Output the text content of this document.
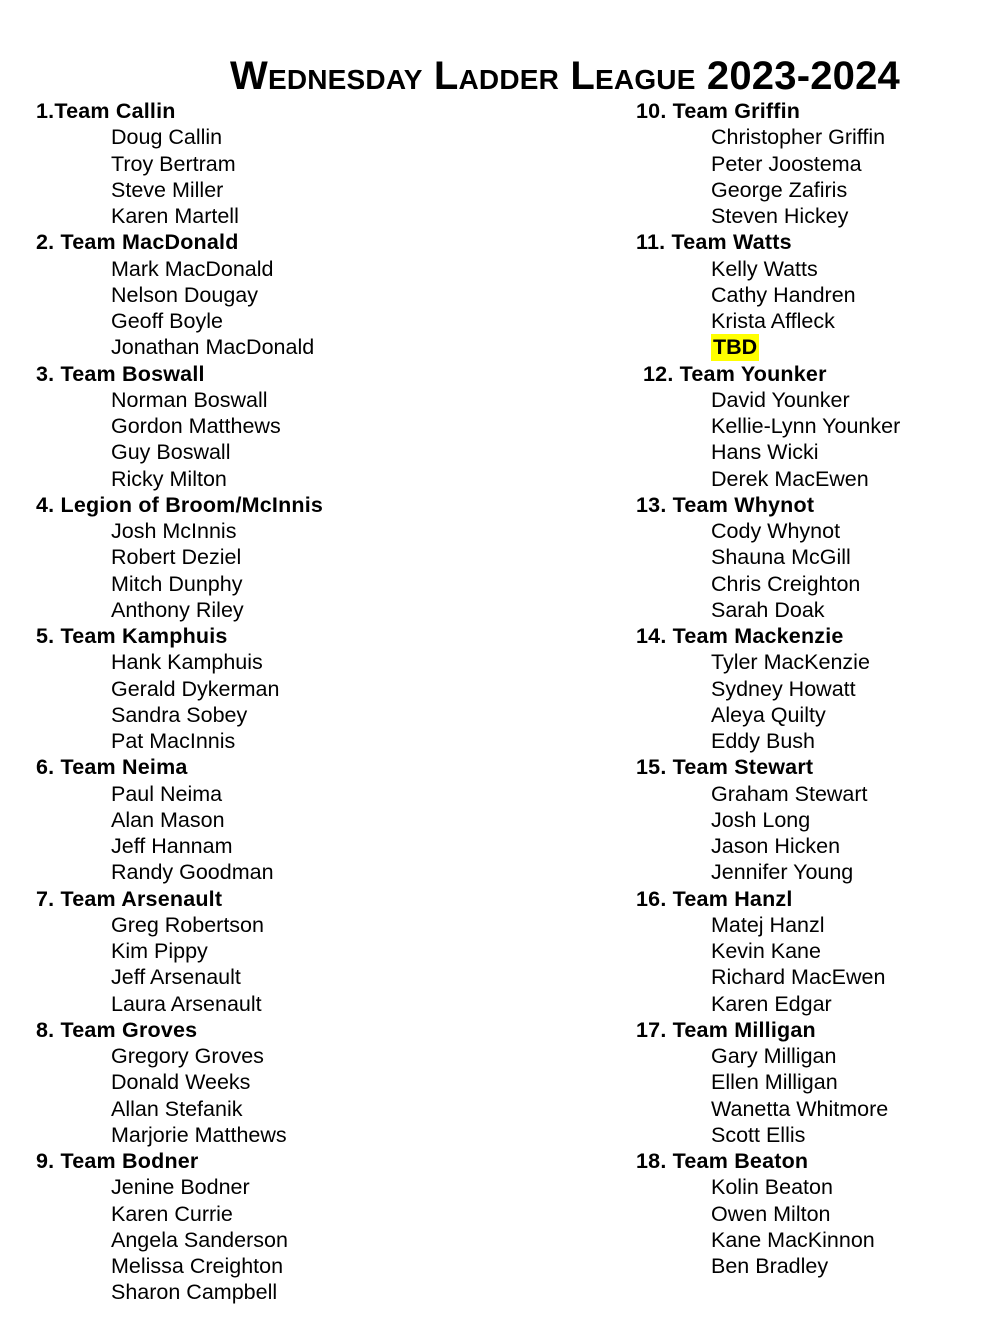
Wednesday Ladder League 2023-2024
1.Team Callin
Doug Callin
Troy Bertram
Steve Miller
Karen Martell
2. Team MacDonald
Mark MacDonald
Nelson Dougay
Geoff Boyle
Jonathan MacDonald
3. Team Boswall
Norman Boswall
Gordon Matthews
Guy Boswall
Ricky Milton
4. Legion of Broom/McInnis
Josh McInnis
Robert Deziel
Mitch Dunphy
Anthony Riley
5. Team Kamphuis
Hank Kamphuis
Gerald Dykerman
Sandra Sobey
Pat MacInnis
6. Team Neima
Paul Neima
Alan Mason
Jeff Hannam
Randy Goodman
7. Team Arsenault
Greg Robertson
Kim Pippy
Jeff Arsenault
Laura Arsenault
8. Team Groves
Gregory Groves
Donald Weeks
Allan Stefanik
Marjorie Matthews
9. Team Bodner
Jenine Bodner
Karen Currie
Angela Sanderson
Melissa Creighton
Sharon Campbell
10. Team Griffin
Christopher Griffin
Peter Joostema
George Zafiris
Steven Hickey
11. Team Watts
Kelly Watts
Cathy Handren
Krista Affleck
TBD
12. Team Younker
David Younker
Kellie-Lynn Younker
Hans Wicki
Derek MacEwen
13. Team Whynot
Cody Whynot
Shauna McGill
Chris Creighton
Sarah Doak
14. Team Mackenzie
Tyler MacKenzie
Sydney Howatt
Aleya Quilty
Eddy Bush
15. Team Stewart
Graham Stewart
Josh Long
Jason Hicken
Jennifer Young
16. Team Hanzl
Matej Hanzl
Kevin Kane
Richard MacEwen
Karen Edgar
17. Team Milligan
Gary Milligan
Ellen Milligan
Wanetta Whitmore
Scott Ellis
18. Team Beaton
Kolin Beaton
Owen Milton
Kane MacKinnon
Ben Bradley
